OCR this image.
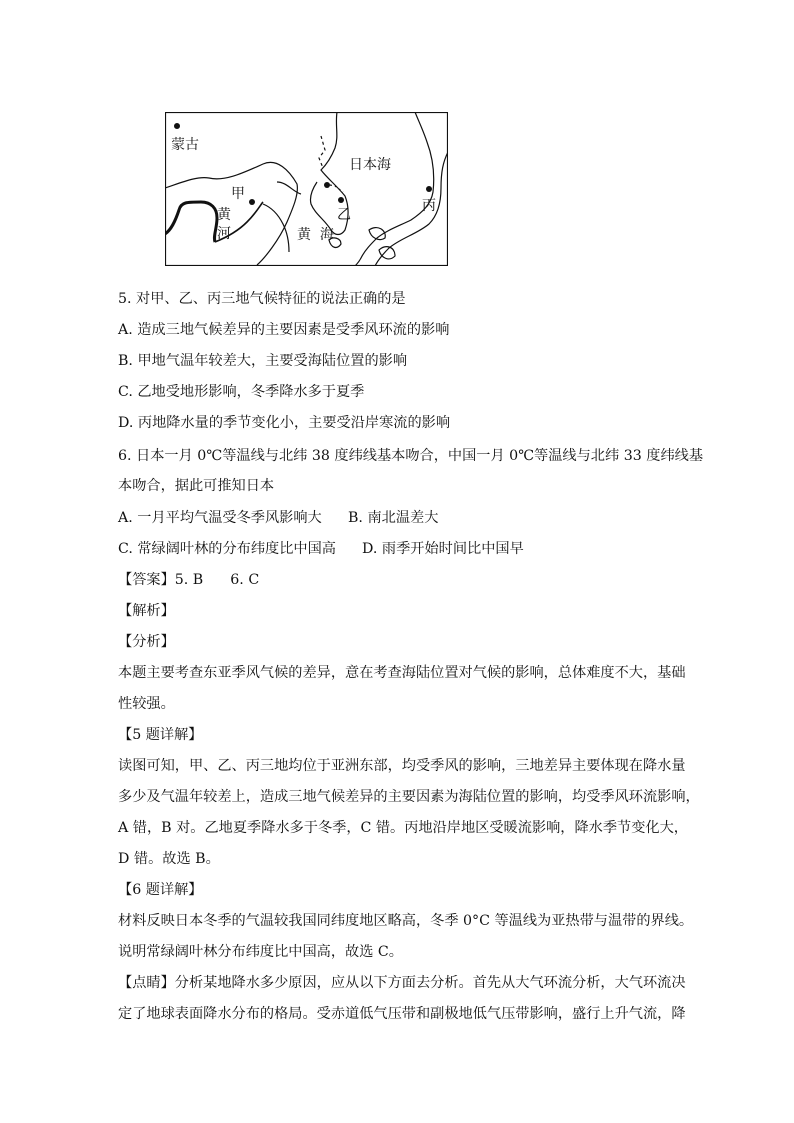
蒙古
甲
黄
河
日本海
乙
黄  海
丙
5. 对甲、乙、丙三地气候特征的说法正确的是
A. 造成三地气候差异的主要因素是受季风环流的影响
B. 甲地气温年较差大，主要受海陆位置的影响
C. 乙地受地形影响，冬季降水多于夏季
D. 丙地降水量的季节变化小，主要受沿岸寒流的影响
6. 日本一月 0℃等温线与北纬 38 度纬线基本吻合，中国一月 0℃等温线与北纬 33 度纬线基
本吻合，据此可推知日本
A. 一月平均气温受冬季风影响大 B. 南北温差大
C. 常绿阔叶林的分布纬度比中国高 D. 雨季开始时间比中国早
【答案】5. B      6. C
【解析】
【分析】
本题主要考查东亚季风气候的差异，意在考查海陆位置对气候的影响，总体难度不大，基础
性较强。
【5 题详解】
读图可知，甲、乙、丙三地均位于亚洲东部，均受季风的影响，三地差异主要体现在降水量
多少及气温年较差上，造成三地气候差异的主要因素为海陆位置的影响，均受季风环流影响，
A 错，B 对。乙地夏季降水多于冬季，C 错。丙地沿岸地区受暖流影响，降水季节变化大，
D 错。故选 B。
【6 题详解】
材料反映日本冬季的气温较我国同纬度地区略高，冬季 0°C 等温线为亚热带与温带的界线。
说明常绿阔叶林分布纬度比中国高，故选 C。
【点睛】分析某地降水多少原因，应从以下方面去分析。首先从大气环流分析，大气环流决
定了地球表面降水分布的格局。受赤道低气压带和副极地低气压带影响，盛行上升气流，降
